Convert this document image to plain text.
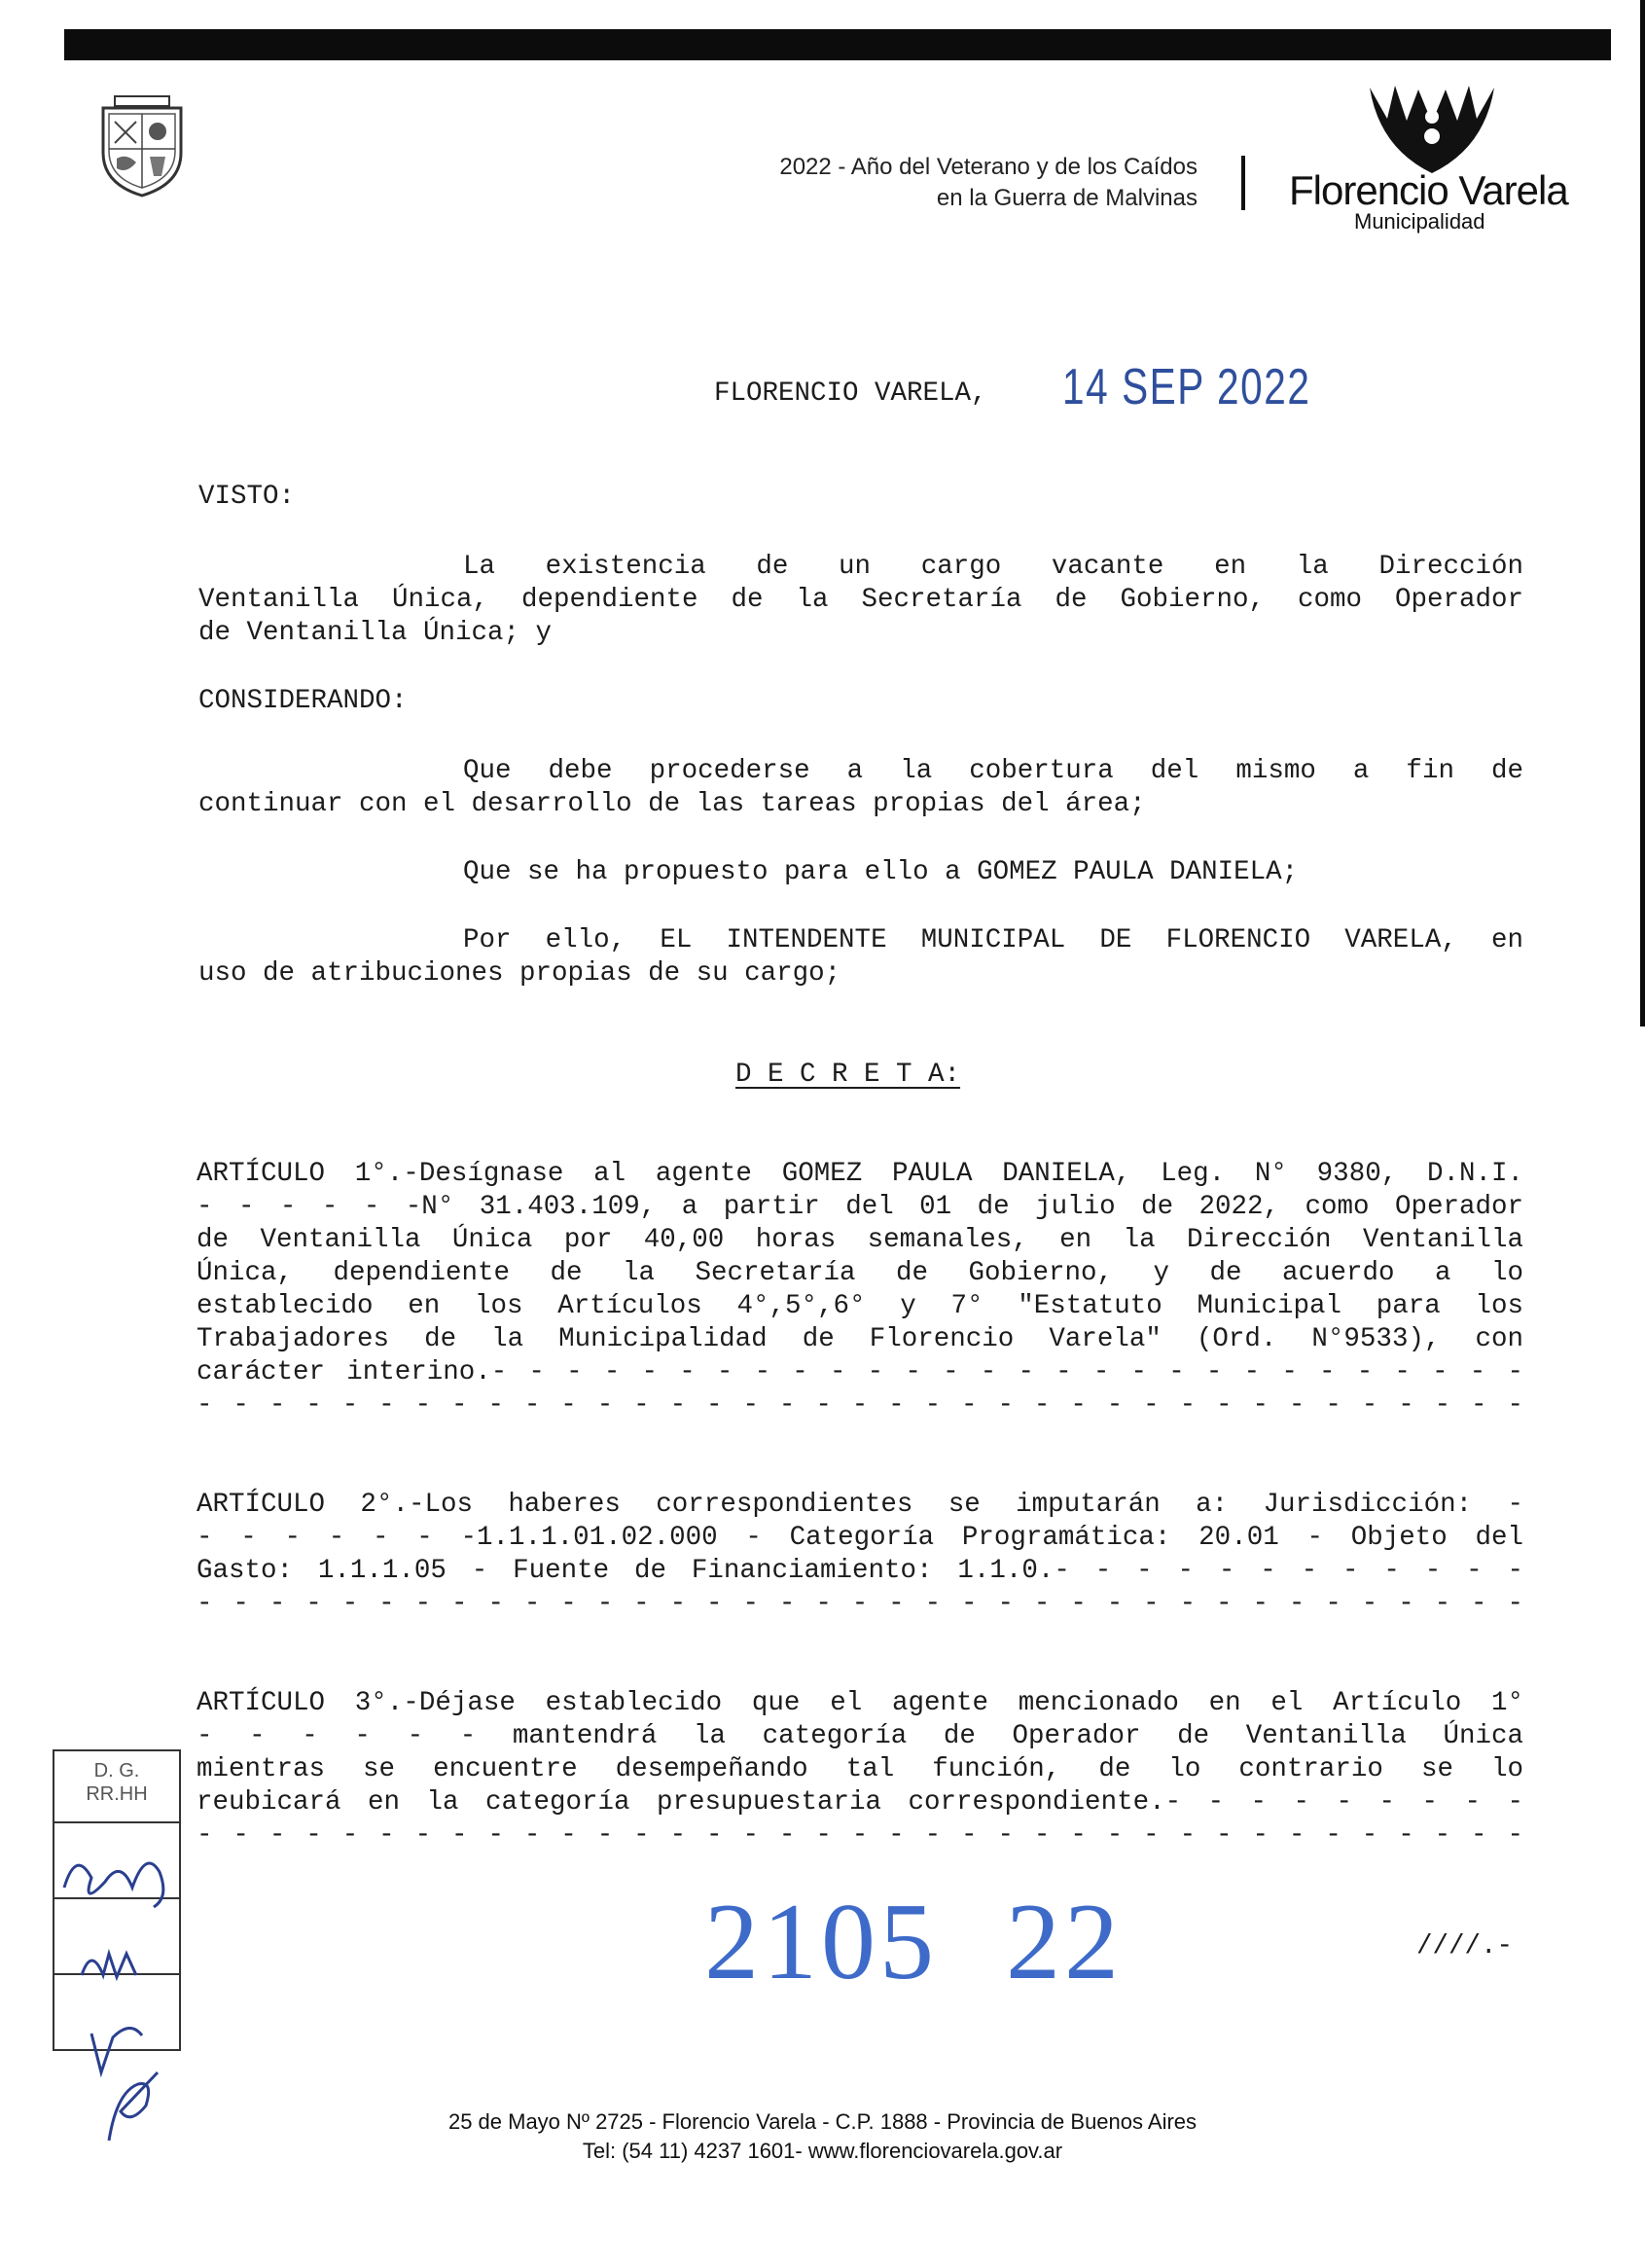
2022 - Año del Veterano y de los Caídos
en la Guerra de Malvinas Florencio Varela
Municipalidad
FLORENCIO VARELA, 14 SEP 2022
VISTO:
La existencia de un cargo vacante en la Dirección
Ventanilla Única, dependiente de la Secretaría de Gobierno, como Operador
de Ventanilla Única; y
CONSIDERANDO:
Que debe procederse a la cobertura del mismo a fin de
continuar con el desarrollo de las tareas propias del área;
Que se ha propuesto para ello a GOMEZ PAULA DANIELA;
Por ello, EL INTENDENTE MUNICIPAL DE FLORENCIO VARELA, en
uso de atribuciones propias de su cargo;
D E C R E T A:
ARTÍCULO 1°.-Desígnase al agente GOMEZ PAULA DANIELA, Leg. N° 9380, D.N.I.
- - - - - -N° 31.403.109, a partir del 01 de julio de 2022, como Operador
de Ventanilla Única por 40,00 horas semanales, en la Dirección Ventanilla
Única, dependiente de la Secretaría de Gobierno, y de acuerdo a lo
establecido en los Artículos 4°,5°,6° y 7° "Estatuto Municipal para los
Trabajadores de la Municipalidad de Florencio Varela" (Ord. N°9533), con
carácter interino.- - - - - - - - - - - - - - - - - - - - - - - - - - - -
- - - - - - - - - - - - - - - - - - - - - - - - - - - - - - - - - - - - -
ARTÍCULO 2°.-Los haberes correspondientes se imputarán a: Jurisdicción: -
- - - - - - -1.1.1.01.02.000 - Categoría Programática: 20.01 - Objeto del
Gasto: 1.1.1.05 - Fuente de Financiamiento: 1.1.0.- - - - - - - - - - - -
- - - - - - - - - - - - - - - - - - - - - - - - - - - - - - - - - - - - -
ARTÍCULO 3°.-Déjase establecido que el agente mencionado en el Artículo 1°
- - - - - - mantendrá la categoría de Operador de Ventanilla Única
mientras se encuentre desempeñando tal función, de lo contrario se lo
reubicará en la categoría presupuestaria correspondiente.- - - - - - - - -
- - - - - - - - - - - - - - - - - - - - - - - - - - - - - - - - - - - - -
2105 22	////.-
D. G.
RR.HH
25 de Mayo Nº 2725 - Florencio Varela - C.P. 1888 - Provincia de Buenos Aires
Tel: (54 11) 4237 1601- www.florenciovarela.gov.ar
